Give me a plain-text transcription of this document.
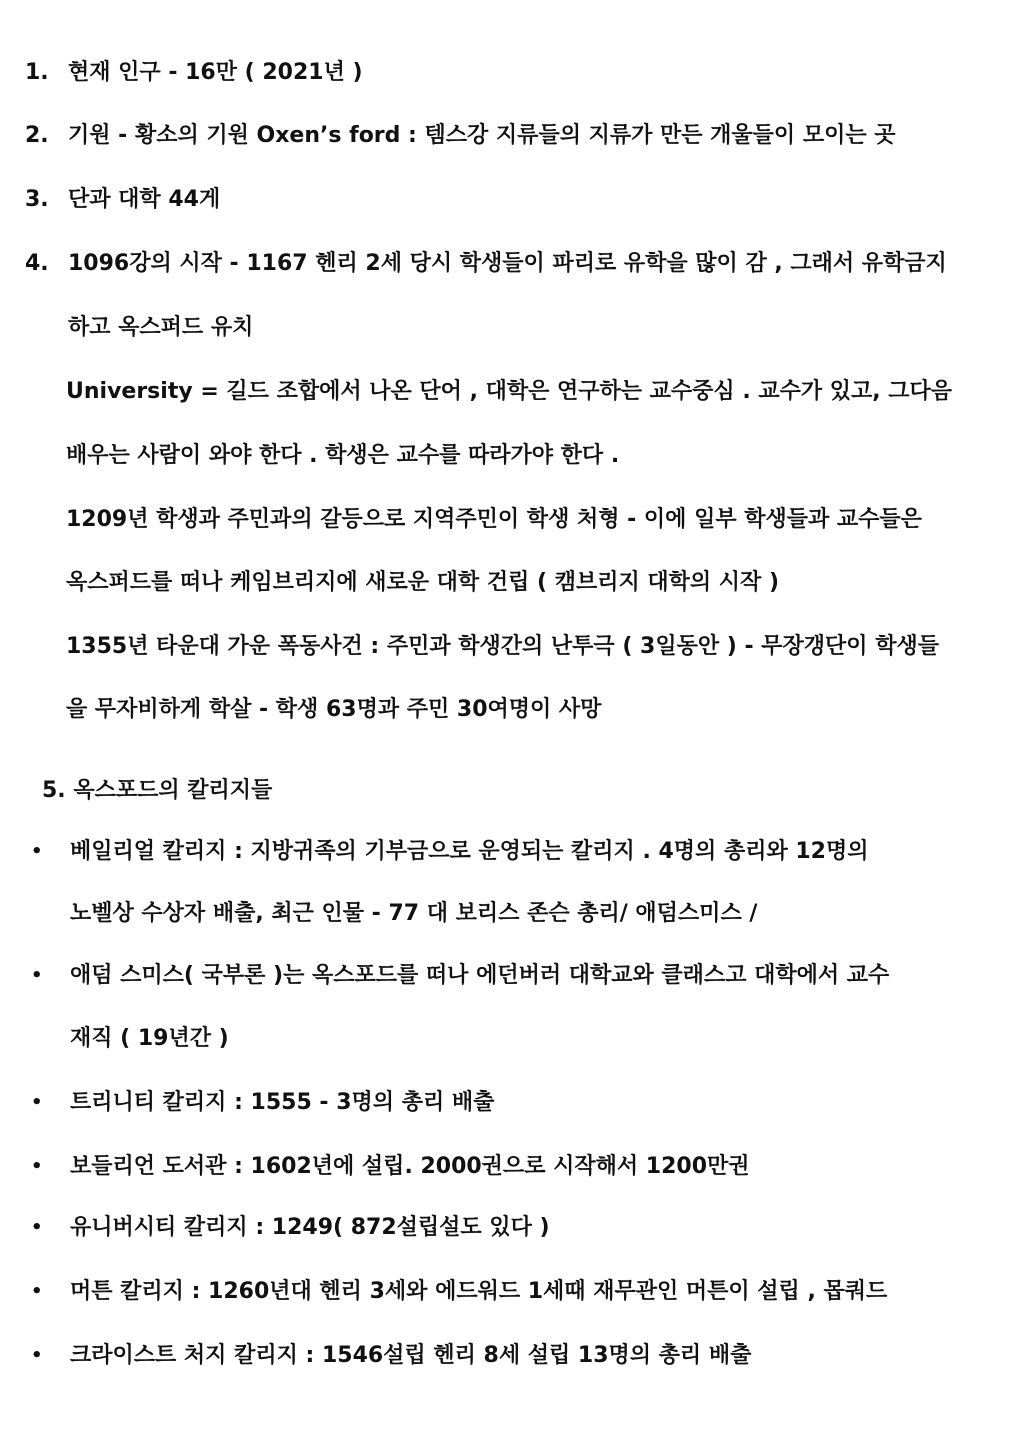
1. 현재 인구 - 16만 ( 2021년 )
2. 기원 - 황소의 기원 Oxen’s ford : 템스강 지류들의 지류가 만든 개울들이 모이는 곳
3. 단과 대학 44게
4. 1096강의 시작 - 1167 헨리 2세 당시 학생들이 파리로 유학을 많이 감 , 그래서 유학금지
하고 옥스퍼드 유치
University = 길드 조합에서 나온 단어 , 대학은 연구하는 교수중심 . 교수가 있고, 그다음
배우는 사람이 와야 한다 . 학생은 교수를 따라가야 한다 .
1209년 학생과 주민과의 갈등으로 지역주민이 학생 처형 - 이에 일부 학생들과 교수들은
옥스퍼드를 떠나 케임브리지에 새로운 대학 건립 ( 캠브리지 대학의 시작 )
1355년 타운대 가운 폭동사건 : 주민과 학생간의 난투극 ( 3일동안 ) - 무장갱단이 학생들
을 무자비하게 학살 - 학생 63명과 주민 30여명이 사망
5. 옥스포드의 칼리지들
• 베일리얼 칼리지 : 지방귀족의 기부금으로 운영되는 칼리지 . 4명의 총리와 12명의
노벨상 수상자 배출, 최근 인물 - 77 대 보리스 존슨 총리/ 애덤스미스 /
• 애덤 스미스( 국부론 )는 옥스포드를 떠나 에던버러 대학교와 클래스고 대학에서 교수
재직 ( 19년간 )
• 트리니티 칼리지 : 1555 - 3명의 총리 배출
• 보들리언 도서관 : 1602년에 설립. 2000권으로 시작해서 1200만권
• 유니버시티 칼리지 : 1249( 872설립설도 있다 )
• 머튼 칼리지 : 1260년대 헨리 3세와 에드워드 1세때 재무관인 머튼이 설립 , 몹쿼드
• 크라이스트 처지 칼리지 : 1546설립 헨리 8세 설립 13명의 총리 배출
